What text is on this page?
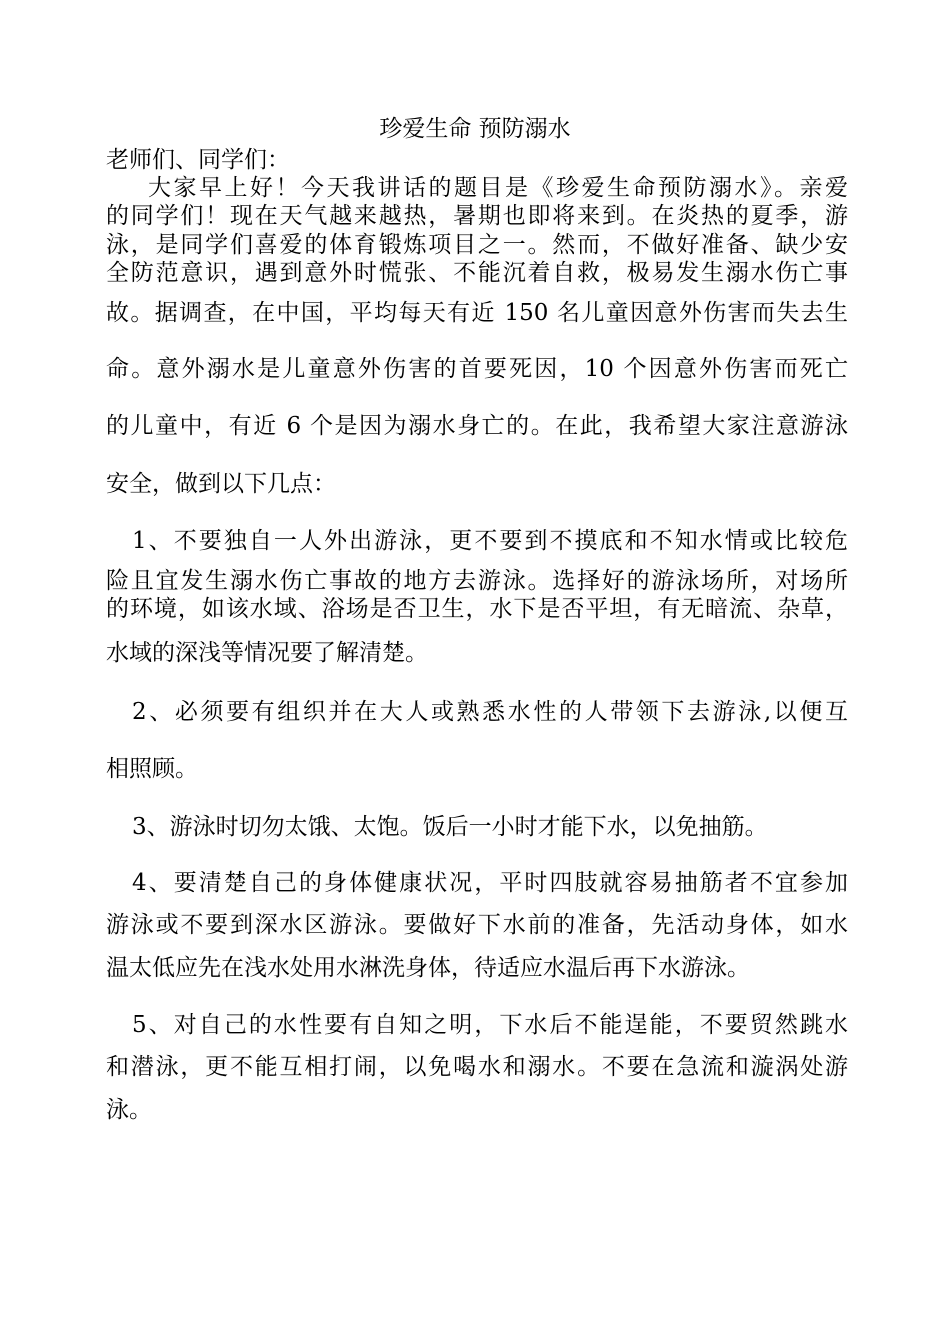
珍爱生命 预防溺水
老师们、同学们：
大家早上好！今天我讲话的题目是《珍爱生命预防溺水》。亲爱
的同学们！现在天气越来越热，暑期也即将来到。在炎热的夏季，游
泳，是同学们喜爱的体育锻炼项目之一。然而，不做好准备、缺少安
全防范意识，遇到意外时慌张、不能沉着自救，极易发生溺水伤亡事
故。据调查，在中国，平均每天有近 150 名儿童因意外伤害而失去生
命。意外溺水是儿童意外伤害的首要死因，10 个因意外伤害而死亡
的儿童中，有近 6 个是因为溺水身亡的。在此，我希望大家注意游泳
安全，做到以下几点：
1、不要独自一人外出游泳，更不要到不摸底和不知水情或比较危
险且宜发生溺水伤亡事故的地方去游泳。选择好的游泳场所，对场所
的环境，如该水域、浴场是否卫生，水下是否平坦，有无暗流、杂草，
水域的深浅等情况要了解清楚。
2、必须要有组织并在大人或熟悉水性的人带领下去游泳,以便互
相照顾。
3、游泳时切勿太饿、太饱。饭后一小时才能下水，以免抽筋。
4、要清楚自己的身体健康状况，平时四肢就容易抽筋者不宜参加
游泳或不要到深水区游泳。要做好下水前的准备，先活动身体，如水
温太低应先在浅水处用水淋洗身体，待适应水温后再下水游泳。
5、对自己的水性要有自知之明，下水后不能逞能，不要贸然跳水
和潜泳，更不能互相打闹，以免喝水和溺水。不要在急流和漩涡处游
泳。
